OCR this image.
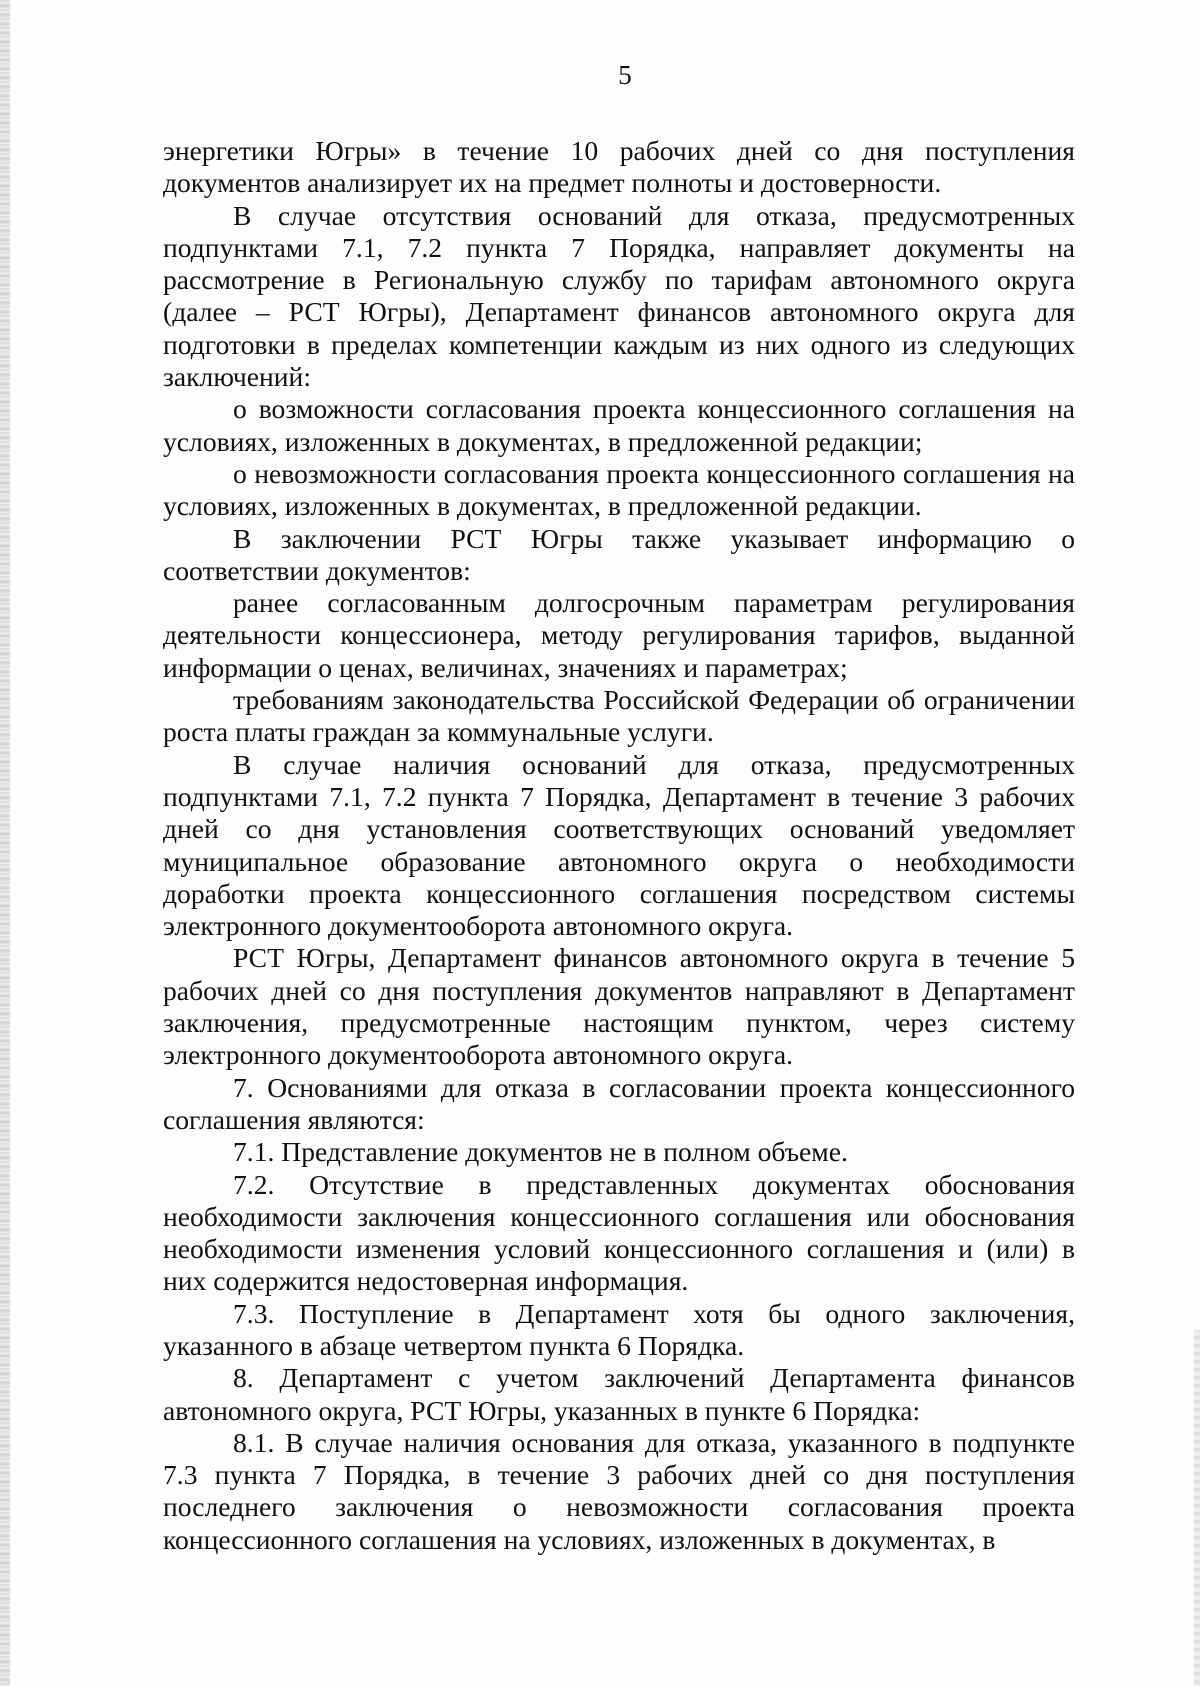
5

энергетики Югры» в течение 10 рабочих дней со дня поступления документов анализирует их на предмет полноты и достоверности.

В случае отсутствия оснований для отказа, предусмотренных подпунктами 7.1, 7.2 пункта 7 Порядка, направляет документы на рассмотрение в Региональную службу по тарифам автономного округа (далее – РСТ Югры), Департамент финансов автономного округа для подготовки в пределах компетенции каждым из них одного из следующих заключений:

о возможности согласования проекта концессионного соглашения на условиях, изложенных в документах, в предложенной редакции;

о невозможности согласования проекта концессионного соглашения на условиях, изложенных в документах, в предложенной редакции.

В заключении РСТ Югры также указывает информацию о соответствии документов:

ранее согласованным долгосрочным параметрам регулирования деятельности концессионера, методу регулирования тарифов, выданной информации о ценах, величинах, значениях и параметрах;

требованиям законодательства Российской Федерации об ограничении роста платы граждан за коммунальные услуги.

В случае наличия оснований для отказа, предусмотренных подпунктами 7.1, 7.2 пункта 7 Порядка, Департамент в течение 3 рабочих дней со дня установления соответствующих оснований уведомляет муниципальное образование автономного округа о необходимости доработки проекта концессионного соглашения посредством системы электронного документооборота автономного округа.

РСТ Югры, Департамент финансов автономного округа в течение 5 рабочих дней со дня поступления документов направляют в Департамент заключения, предусмотренные настоящим пунктом, через систему электронного документооборота автономного округа.

7. Основаниями для отказа в согласовании проекта концессионного соглашения являются:

7.1. Представление документов не в полном объеме.

7.2. Отсутствие в представленных документах обоснования необходимости заключения концессионного соглашения или обоснования необходимости изменения условий концессионного соглашения и (или) в них содержится недостоверная информация.

7.3. Поступление в Департамент хотя бы одного заключения, указанного в абзаце четвертом пункта 6 Порядка.

8. Департамент с учетом заключений Департамента финансов автономного округа, РСТ Югры, указанных в пункте 6 Порядка:

8.1. В случае наличия основания для отказа, указанного в подпункте 7.3 пункта 7 Порядка, в течение 3 рабочих дней со дня поступления последнего заключения о невозможности согласования проекта концессионного соглашения на условиях, изложенных в документах, в
